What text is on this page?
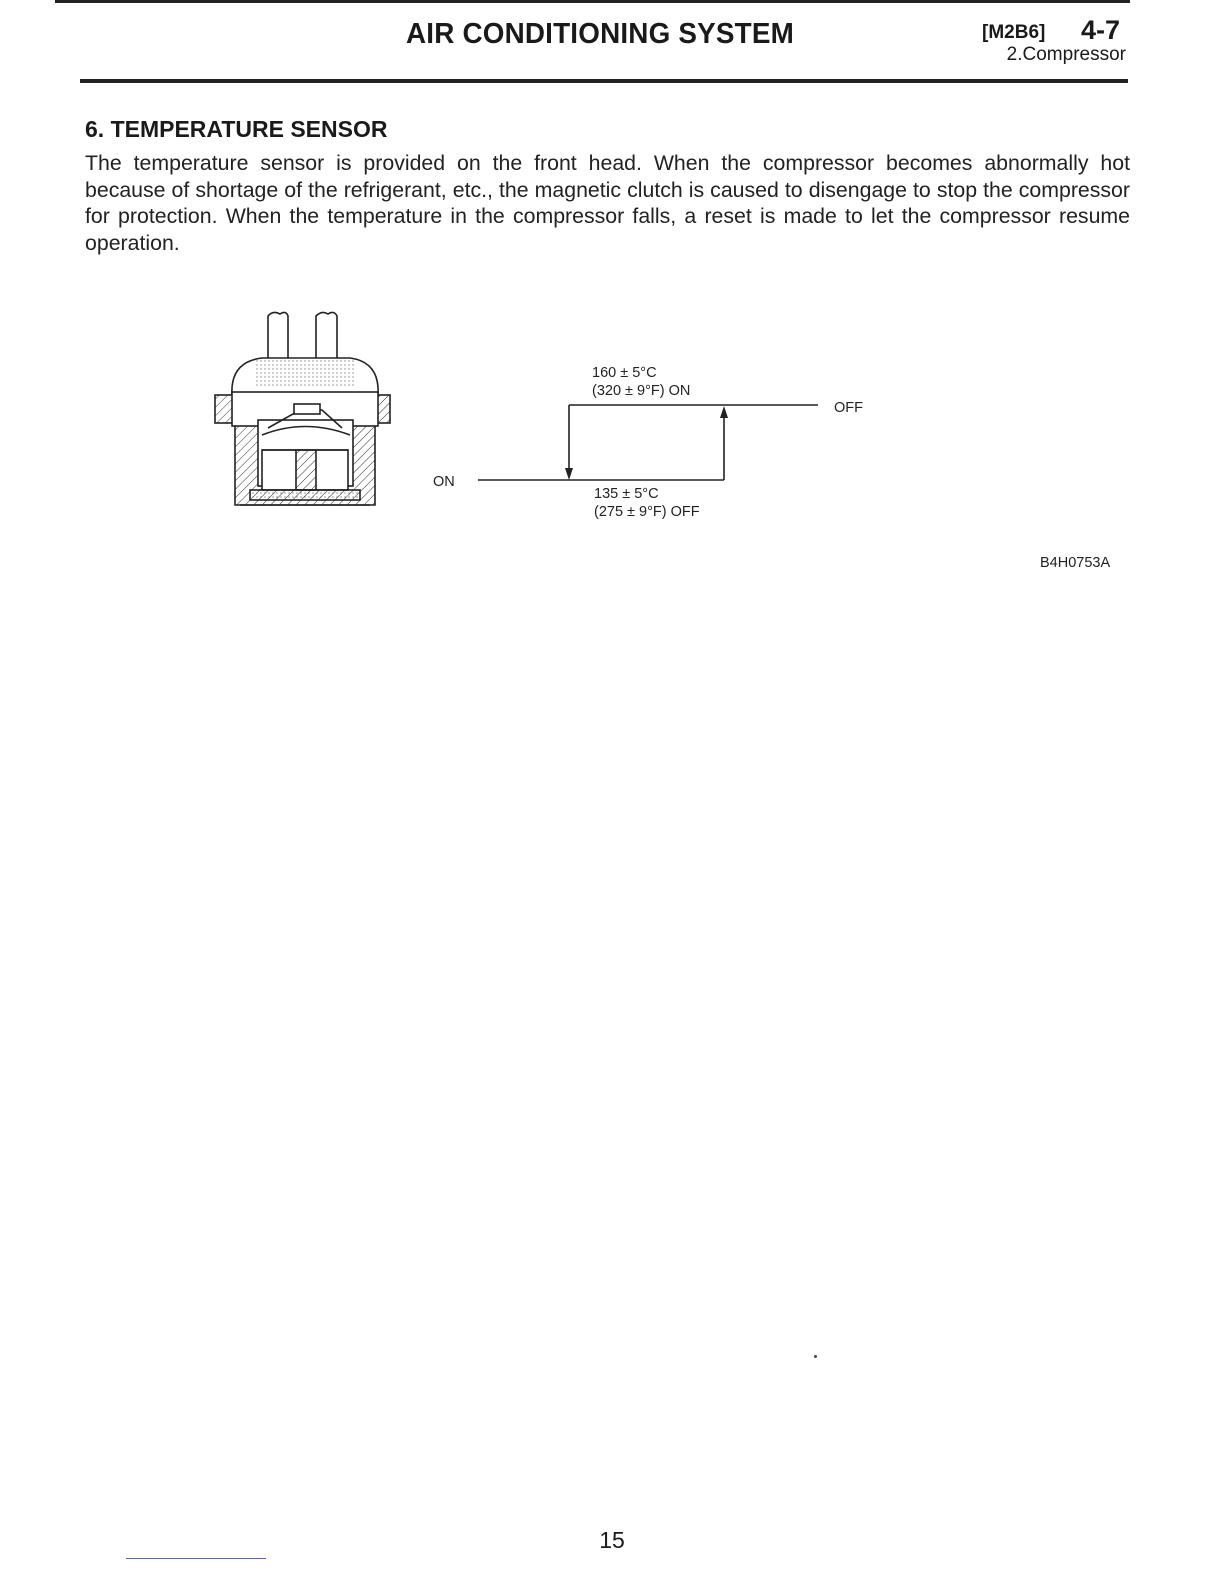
AIR CONDITIONING SYSTEM	[M2B6] 4-7
2.Compressor
6. TEMPERATURE SENSOR
The temperature sensor is provided on the front head. When the compressor becomes abnormally hot because of shortage of the refrigerant, etc., the magnetic clutch is caused to disengage to stop the compressor for protection. When the temperature in the compressor falls, a reset is made to let the compressor resume operation.
160 ± 5°C
(320 ± 9°F) ON
OFF
ON
135 ± 5°C
(275 ± 9°F) OFF
B4H0753A
15
